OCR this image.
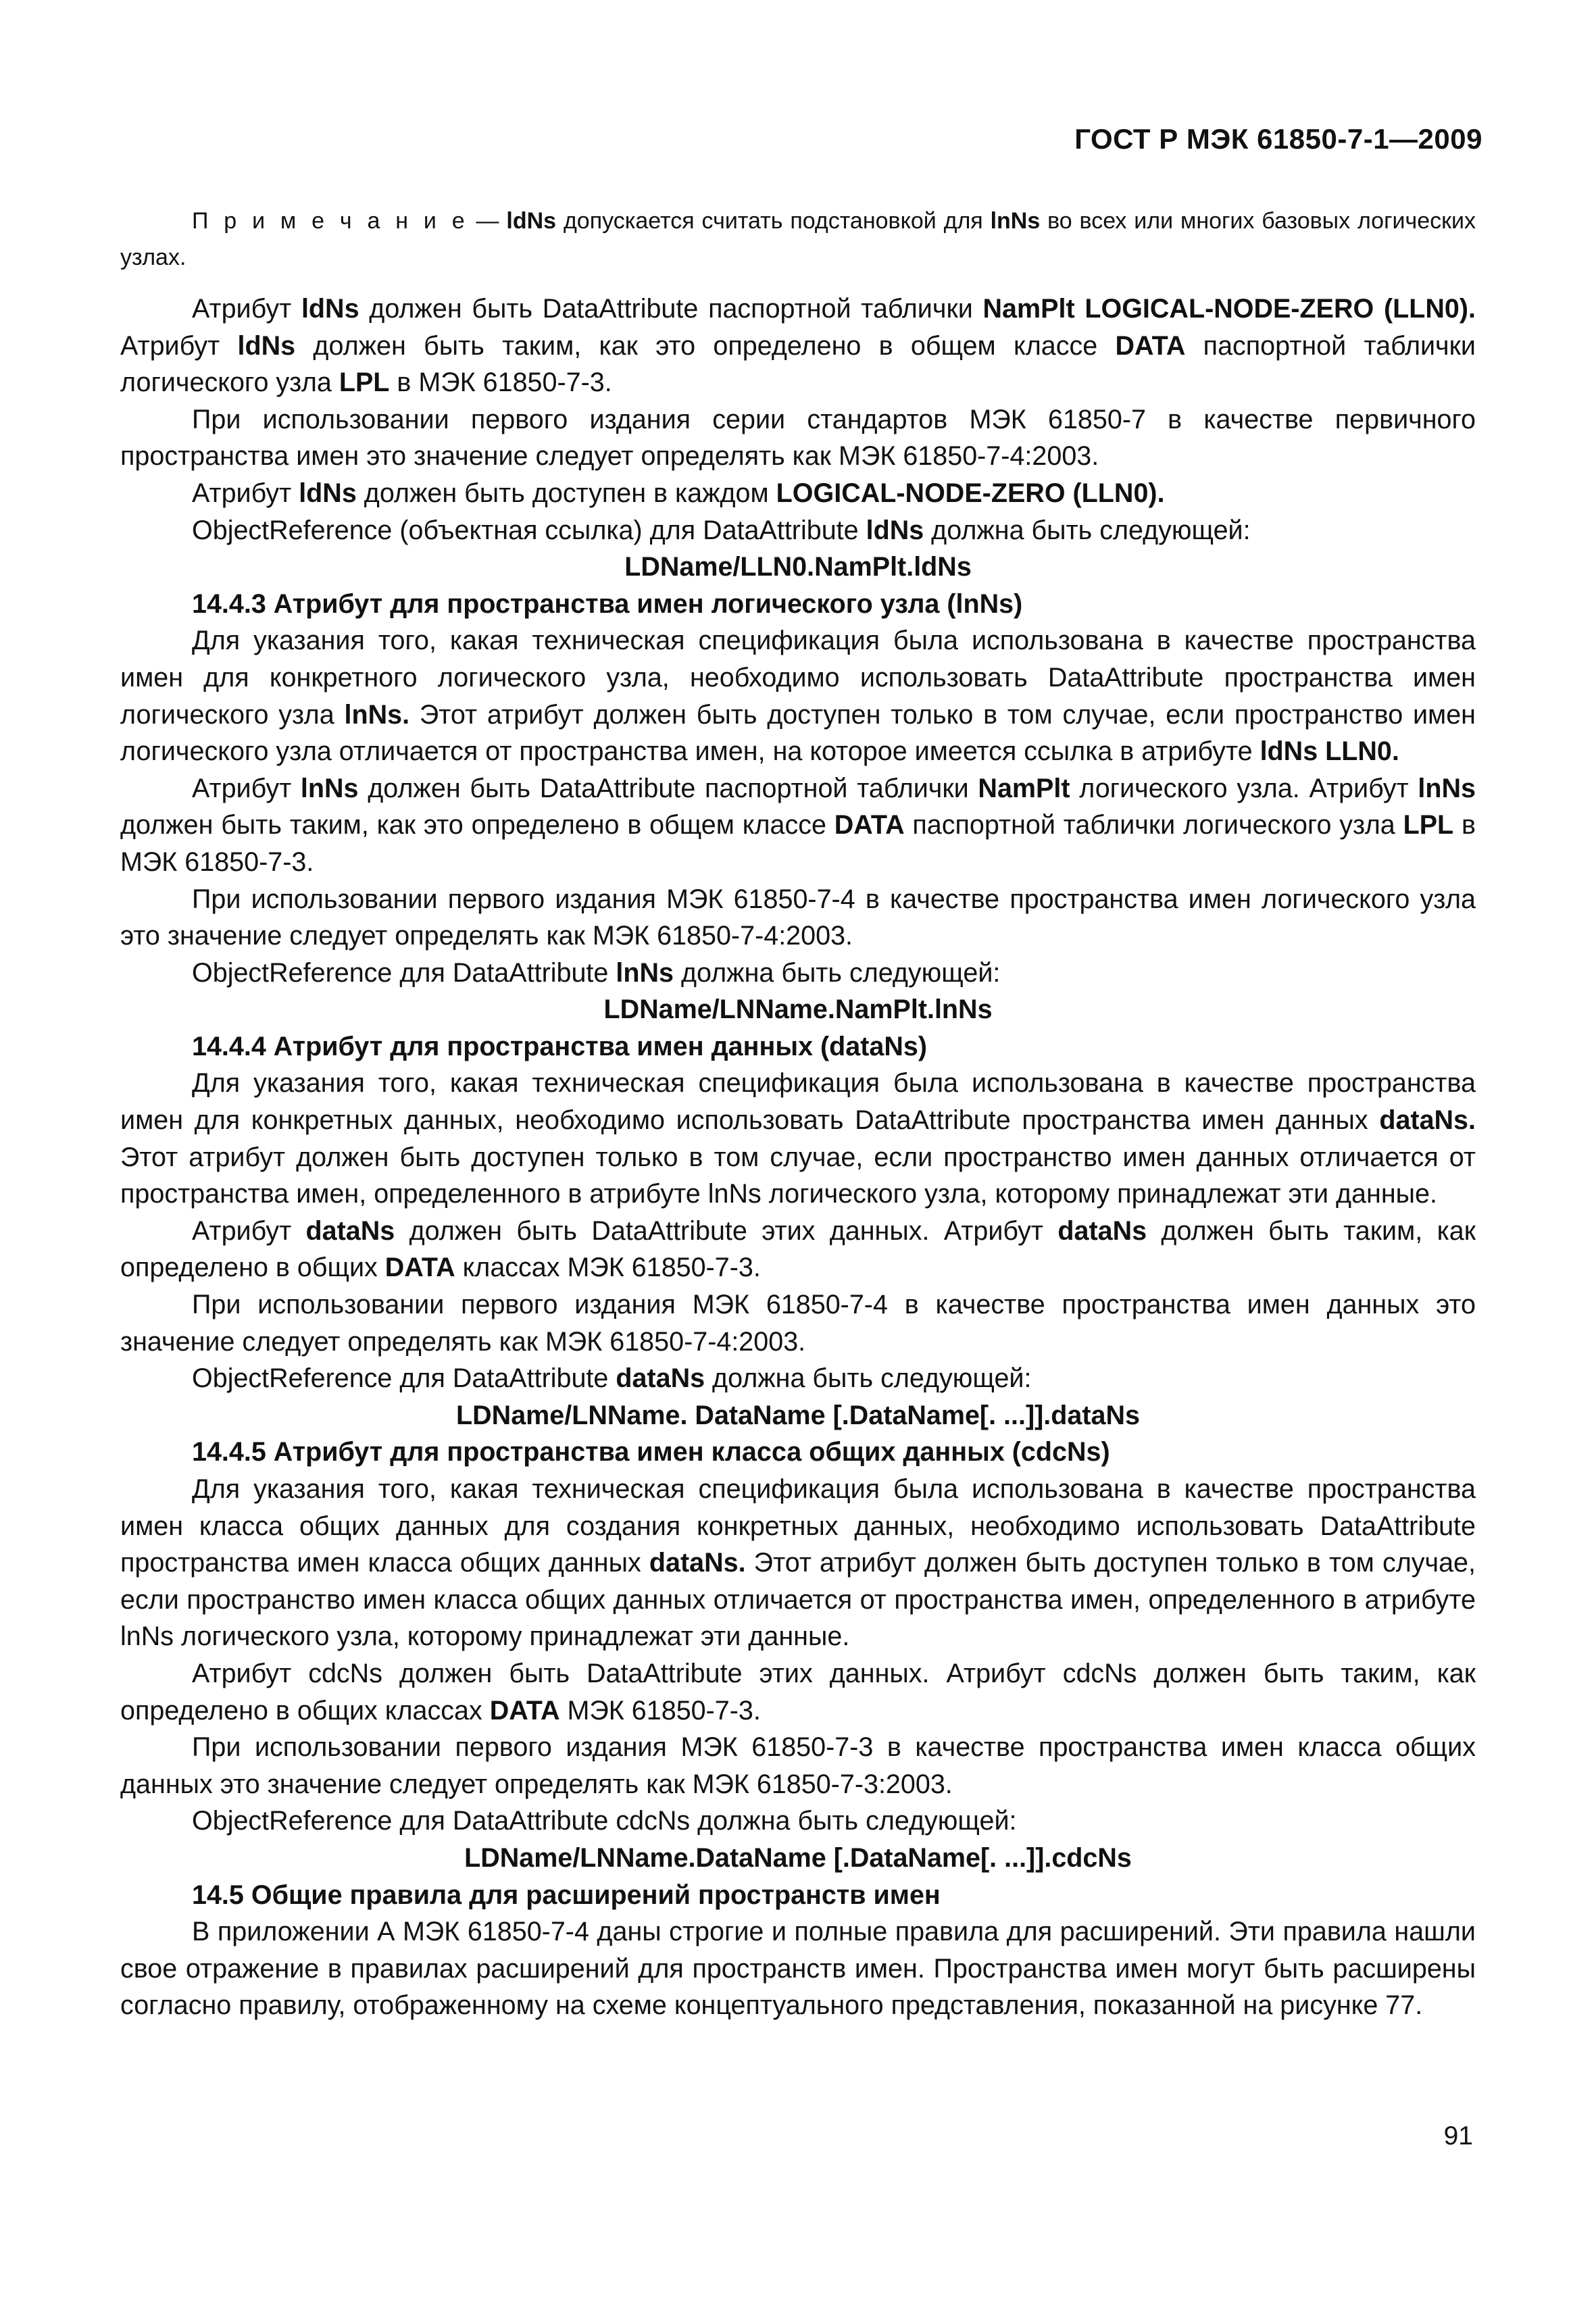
ГОСТ Р МЭК 61850-7-1—2009

П р и м е ч а н и е — ldNs допускается считать подстановкой для lnNs во всех или многих базовых логических узлах.

Атрибут ldNs должен быть DataAttribute паспортной таблички NamPlt LOGICAL-NODE-ZERO (LLN0). Атрибут ldNs должен быть таким, как это определено в общем классе DATA паспортной таблички логического узла LPL в МЭК 61850-7-3.

При использовании первого издания серии стандартов МЭК 61850-7 в качестве первичного пространства имен это значение следует определять как МЭК 61850-7-4:2003.

Атрибут ldNs должен быть доступен в каждом LOGICAL-NODE-ZERO (LLN0).

ObjectReference (объектная ссылка) для DataAttribute ldNs должна быть следующей:

LDName/LLN0.NamPlt.ldNs

14.4.3 Атрибут для пространства имен логического узла (lnNs)

Для указания того, какая техническая спецификация была использована в качестве пространства имен для конкретного логического узла, необходимо использовать DataAttribute пространства имен логического узла lnNs. Этот атрибут должен быть доступен только в том случае, если пространство имен логического узла отличается от пространства имен, на которое имеется ссылка в атрибуте ldNs LLN0.

Атрибут lnNs должен быть DataAttribute паспортной таблички NamPlt логического узла. Атрибут lnNs должен быть таким, как это определено в общем классе DATA паспортной таблички логического узла LPL в МЭК 61850-7-3.

При использовании первого издания МЭК 61850-7-4 в качестве пространства имен логического узла это значение следует определять как МЭК 61850-7-4:2003.

ObjectReference для DataAttribute lnNs должна быть следующей:

LDName/LNName.NamPlt.lnNs

14.4.4 Атрибут для пространства имен данных (dataNs)

Для указания того, какая техническая спецификация была использована в качестве пространства имен для конкретных данных, необходимо использовать DataAttribute пространства имен данных dataNs. Этот атрибут должен быть доступен только в том случае, если пространство имен данных отличается от пространства имен, определенного в атрибуте lnNs логического узла, которому принадлежат эти данные.

Атрибут dataNs должен быть DataAttribute этих данных. Атрибут dataNs должен быть таким, как определено в общих DATA классах МЭК 61850-7-3.

При использовании первого издания МЭК 61850-7-4 в качестве пространства имен данных это значение следует определять как МЭК 61850-7-4:2003.

ObjectReference для DataAttribute dataNs должна быть следующей:

LDName/LNName. DataName [.DataName[. ...]].dataNs

14.4.5 Атрибут для пространства имен класса общих данных (cdcNs)

Для указания того, какая техническая спецификация была использована в качестве пространства имен класса общих данных для создания конкретных данных, необходимо использовать DataAttribute пространства имен класса общих данных dataNs. Этот атрибут должен быть доступен только в том случае, если пространство имен класса общих данных отличается от пространства имен, определенного в атрибуте lnNs логического узла, которому принадлежат эти данные.

Атрибут cdcNs должен быть DataAttribute этих данных. Атрибут cdcNs должен быть таким, как определено в общих классах DATA МЭК 61850-7-3.

При использовании первого издания МЭК 61850-7-3 в качестве пространства имен класса общих данных это значение следует определять как МЭК 61850-7-3:2003.

ObjectReference для DataAttribute cdcNs должна быть следующей:

LDName/LNName.DataName [.DataName[. ...]].cdcNs

14.5 Общие правила для расширений пространств имен

В приложении А МЭК 61850-7-4 даны строгие и полные правила для расширений. Эти правила нашли свое отражение в правилах расширений для пространств имен. Пространства имен могут быть расширены согласно правилу, отображенному на схеме концептуального представления, показанной на рисунке 77.

91
